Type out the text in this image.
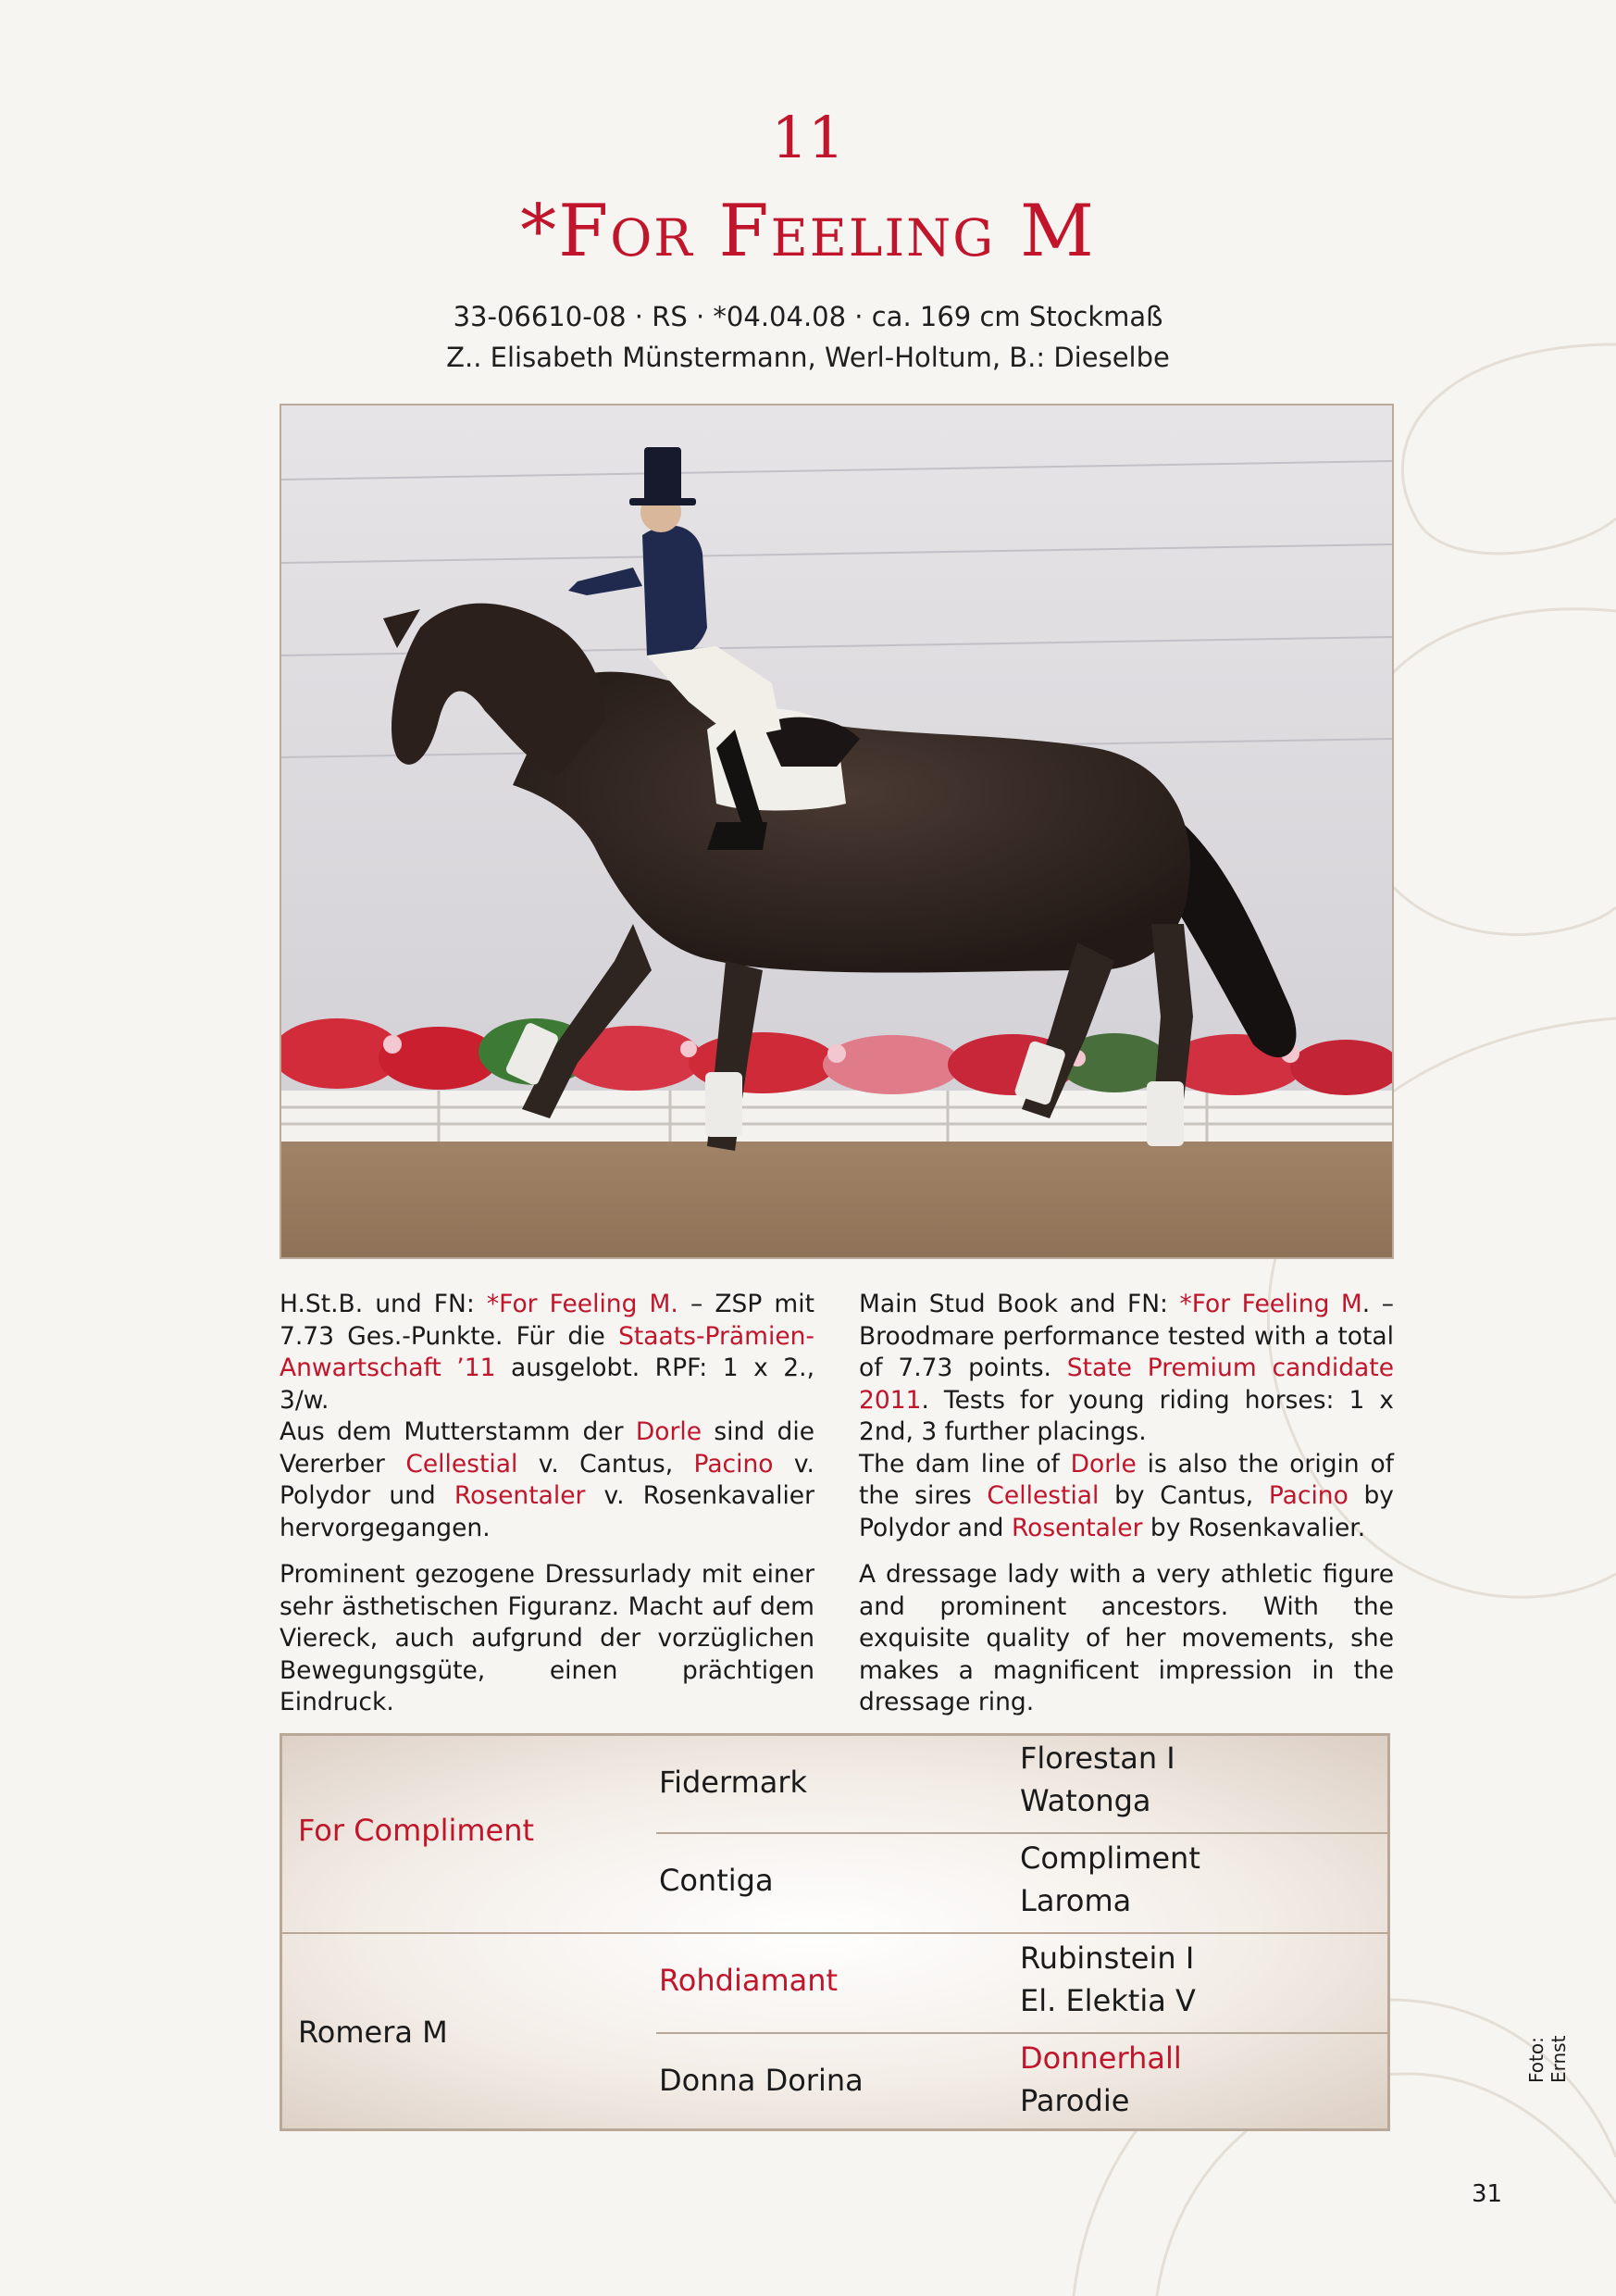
11
*For Feeling M
33-06610-08 · RS · *04.04.08 · ca. 169 cm Stockmaß
Z.. Elisabeth Münstermann, Werl-Holtum, B.: Dieselbe

H.St.B. und FN: *For Feeling M. – ZSP mit 7.73 Ges.-Punkte. Für die Staats-Prämien-Anwartschaft ’11 ausgelobt. RPF: 1 x 2., 3/w.

Aus dem Mutterstamm der Dorle sind die Vererber Cellestial v. Cantus, Pacino v. Polydor und Rosentaler v. Rosenkavalier hervorgegangen.

Prominent gezogene Dressurlady mit einer sehr ästhetischen Figuranz. Macht auf dem Viereck, auch aufgrund der vorzüglichen Bewegungsgüte, einen prächtigen Eindruck.

Main Stud Book and FN: *For Feeling M. – Broodmare performance tested with a total of 7.73 points. State Premium candidate 2011. Tests for young riding horses: 1 x 2nd, 3 further placings.

The dam line of Dorle is also the origin of the sires Cellestial by Cantus, Pacino by Polydor and Rosentaler by Rosenkavalier.

A dressage lady with a very athletic figure and prominent ancestors. With the exquisite quality of her movements, she makes a magnificent impression in the dressage ring.

For Compliment
Romera M
Fidermark
Contiga
Rohdiamant
Donna Dorina
Florestan I
Watonga
Compliment
Laroma
Rubinstein I
El. Elektia V
Donnerhall
Parodie
Foto: Ernst
31
